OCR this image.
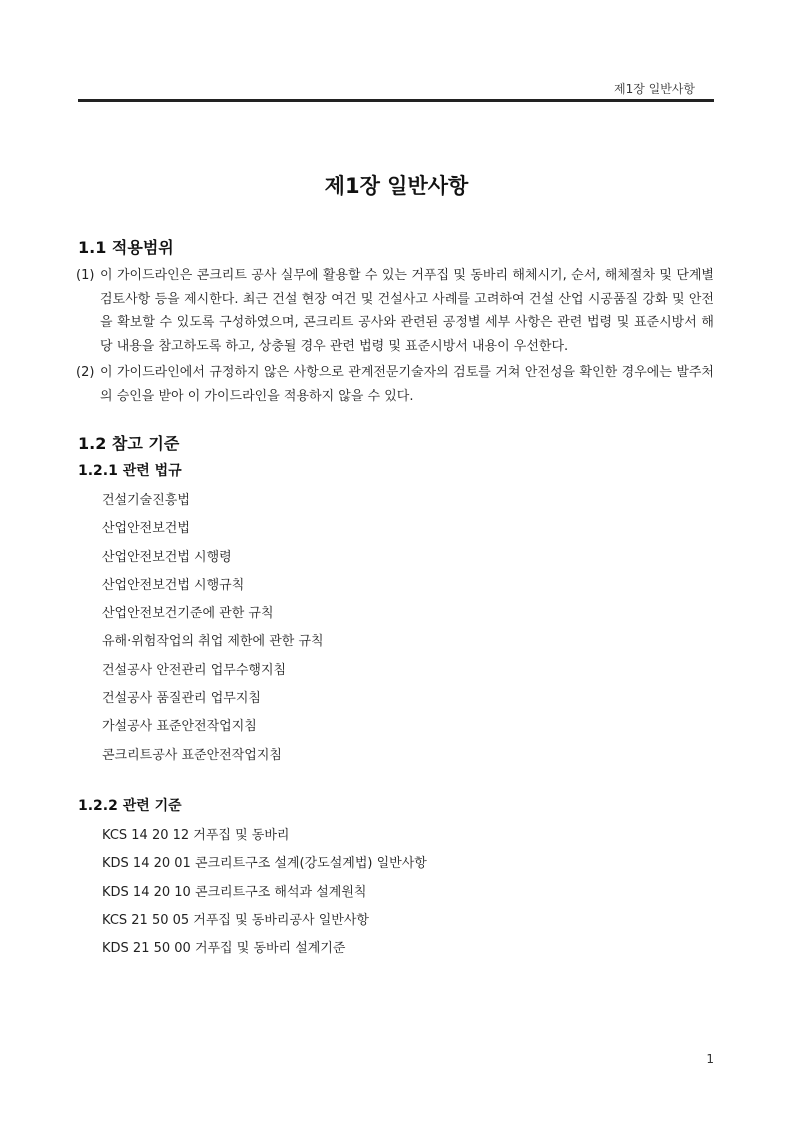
제1장 일반사항
제1장 일반사항
1.1 적용범위

(1) 이 가이드라인은 콘크리트 공사 실무에 활용할 수 있는 거푸집 및 동바리 해체시기, 순서, 해체절차 및 단계별 검토사항 등을 제시한다. 최근 건설 현장 여건 및 건설사고 사례를 고려하여 건설 산업 시공품질 강화 및 안전을 확보할 수 있도록 구성하였으며, 콘크리트 공사와 관련된 공정별 세부 사항은 관련 법령 및 표준시방서 해당 내용을 참고하도록 하고, 상충될 경우 관련 법령 및 표준시방서 내용이 우선한다.

(2) 이 가이드라인에서 규정하지 않은 사항으로 관계전문기술자의 검토를 거쳐 안전성을 확인한 경우에는 발주처의 승인을 받아 이 가이드라인을 적용하지 않을 수 있다.

1.2 참고 기준
1.2.1 관련 법규
건설기술진흥법
산업안전보건법
산업안전보건법 시행령
산업안전보건법 시행규칙
산업안전보건기준에 관한 규칙
유해·위험작업의 취업 제한에 관한 규칙
건설공사 안전관리 업무수행지침
건설공사 품질관리 업무지침
가설공사 표준안전작업지침
콘크리트공사 표준안전작업지침
1.2.2 관련 기준
KCS 14 20 12 거푸집 및 동바리
KDS 14 20 01 콘크리트구조 설계(강도설계법) 일반사항
KDS 14 20 10 콘크리트구조 해석과 설계원칙
KCS 21 50 05 거푸집 및 동바리공사 일반사항
KDS 21 50 00 거푸집 및 동바리 설계기준
1
